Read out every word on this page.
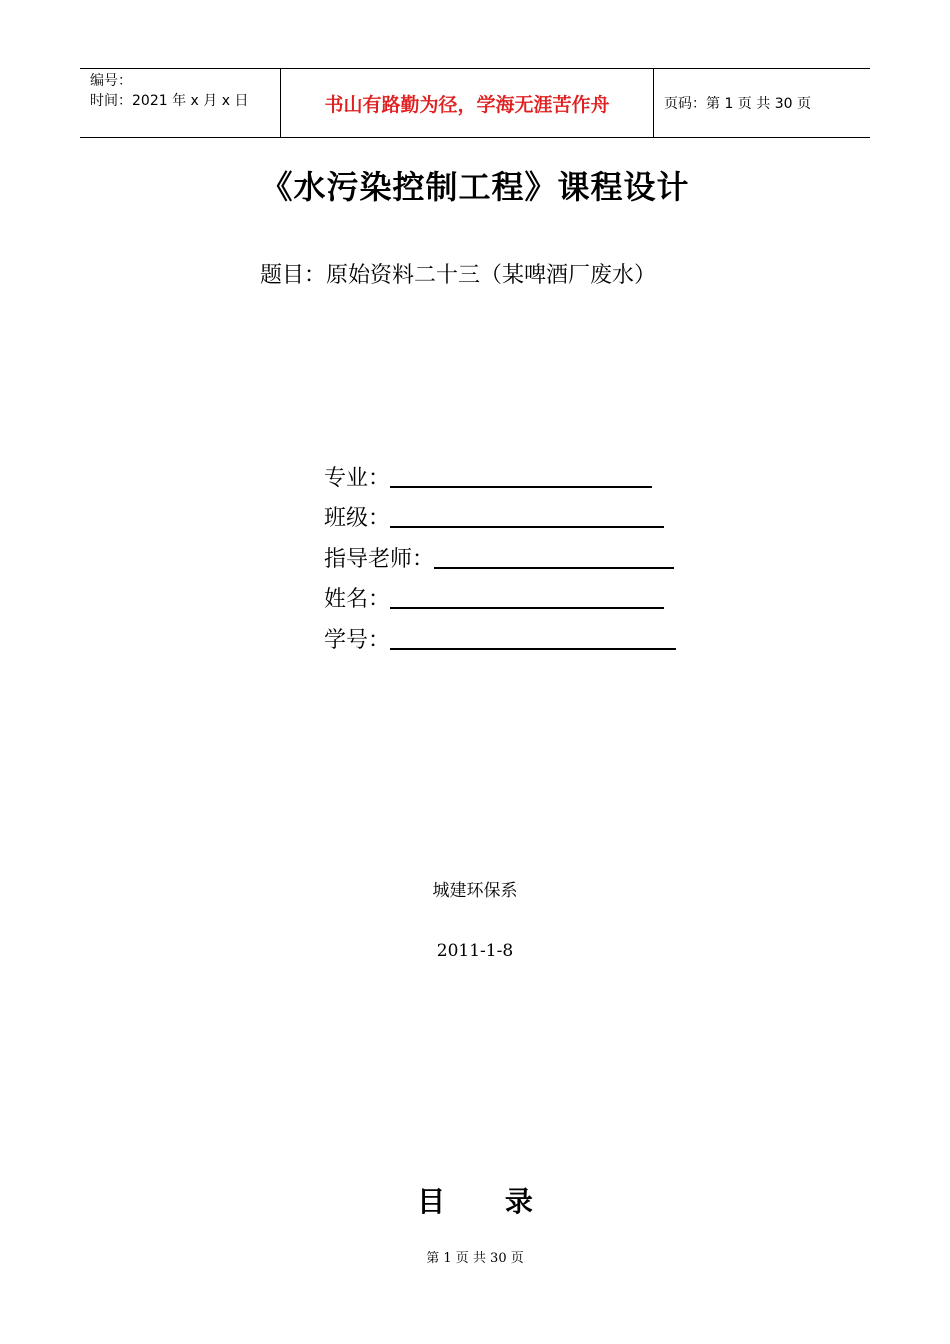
编号：
时间：2021 年 x 月 x 日	书山有路勤为径，学海无涯苦作舟	页码：第 1 页 共 30 页
《水污染控制工程》课程设计
题目：原始资料二十三（某啤酒厂废水）
专业：
班级：
指导老师：
姓名：
学号：
城建环保系
2011-1-8
目 录
第 1 页 共 30 页
